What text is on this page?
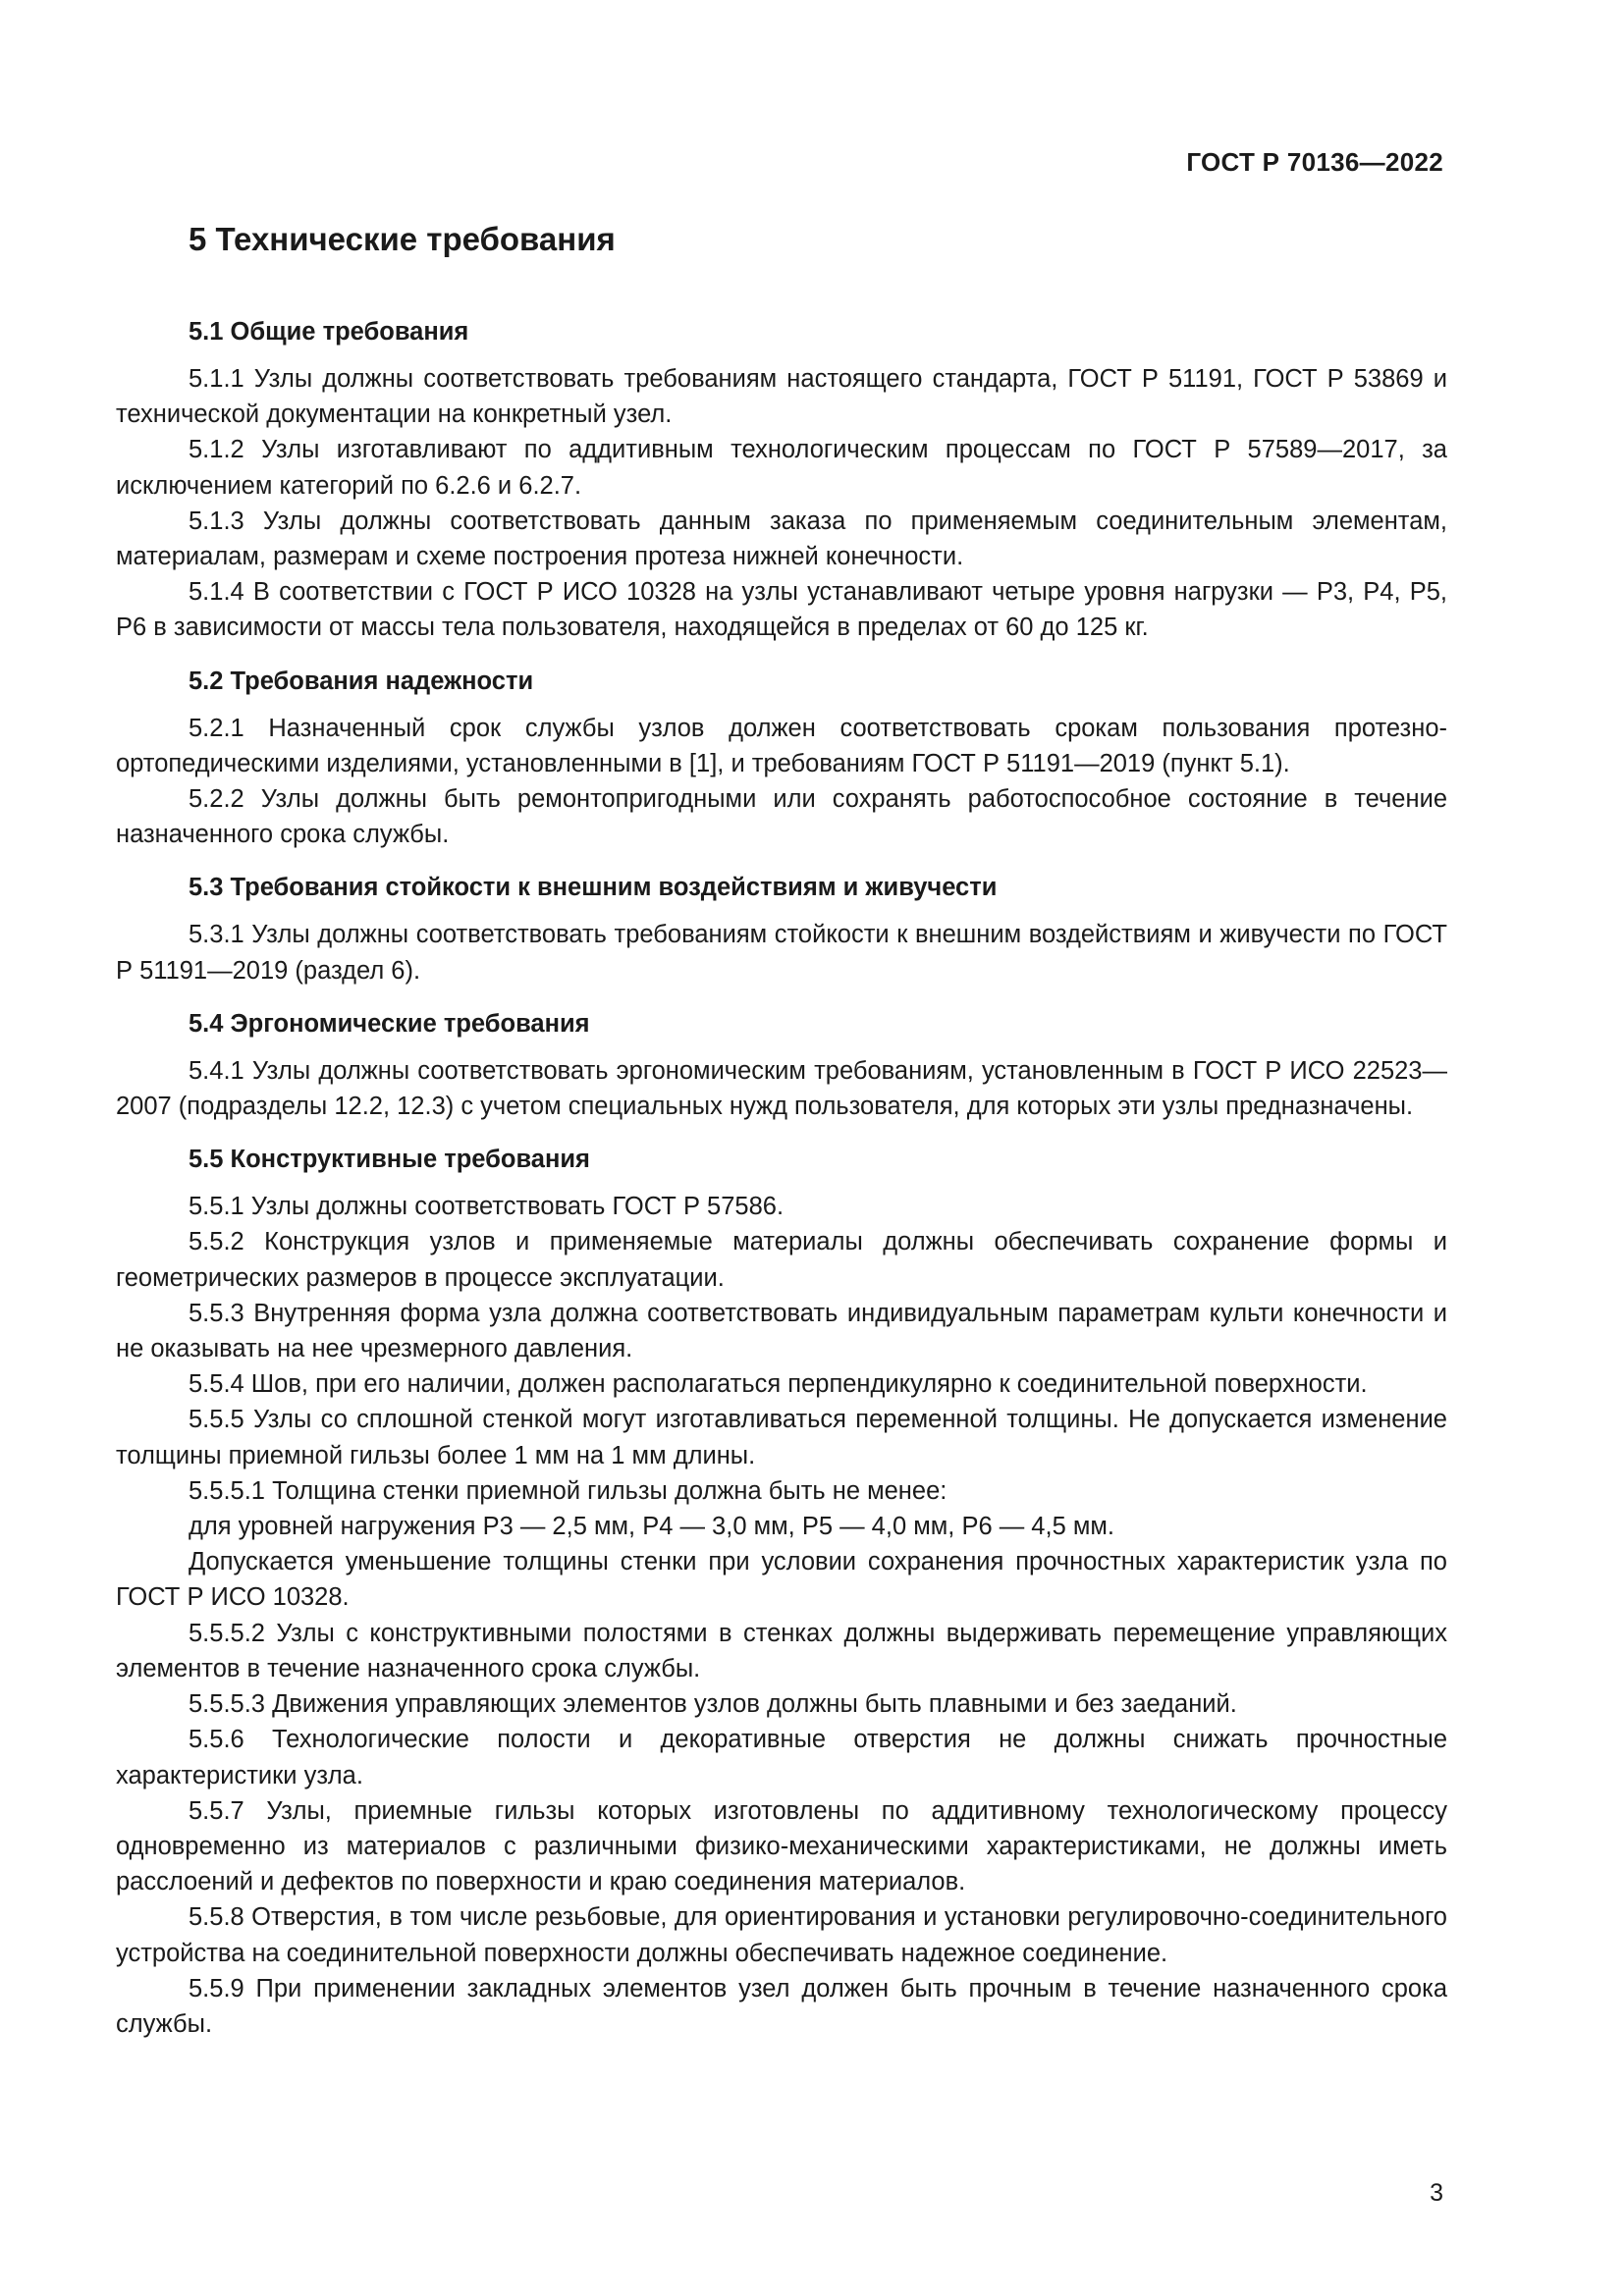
ГОСТ Р 70136—2022
5 Технические требования
5.1 Общие требования

5.1.1 Узлы должны соответствовать требованиям настоящего стандарта, ГОСТ Р 51191, ГОСТ Р 53869 и технической документации на конкретный узел.

5.1.2 Узлы изготавливают по аддитивным технологическим процессам по ГОСТ Р 57589—2017, за исключением категорий по 6.2.6 и 6.2.7.

5.1.3 Узлы должны соответствовать данным заказа по применяемым соединительным элементам, материалам, размерам и схеме построения протеза нижней конечности.

5.1.4 В соответствии с ГОСТ Р ИСО 10328 на узлы устанавливают четыре уровня нагрузки — Р3, Р4, Р5, Р6 в зависимости от массы тела пользователя, находящейся в пределах от 60 до 125 кг.

5.2 Требования надежности

5.2.1 Назначенный срок службы узлов должен соответствовать срокам пользования протезно-ортопедическими изделиями, установленными в [1], и требованиям ГОСТ Р 51191—2019 (пункт 5.1).

5.2.2 Узлы должны быть ремонтопригодными или сохранять работоспособное состояние в течение назначенного срока службы.

5.3 Требования стойкости к внешним воздействиям и живучести

5.3.1 Узлы должны соответствовать требованиям стойкости к внешним воздействиям и живучести по ГОСТ Р 51191—2019 (раздел 6).

5.4 Эргономические требования

5.4.1 Узлы должны соответствовать эргономическим требованиям, установленным в ГОСТ Р ИСО 22523—2007 (подразделы 12.2, 12.3) с учетом специальных нужд пользователя, для которых эти узлы предназначены.

5.5 Конструктивные требования

5.5.1 Узлы должны соответствовать ГОСТ Р 57586.

5.5.2 Конструкция узлов и применяемые материалы должны обеспечивать сохранение формы и геометрических размеров в процессе эксплуатации.

5.5.3 Внутренняя форма узла должна соответствовать индивидуальным параметрам культи конечности и не оказывать на нее чрезмерного давления.

5.5.4 Шов, при его наличии, должен располагаться перпендикулярно к соединительной поверхности.

5.5.5 Узлы со сплошной стенкой могут изготавливаться переменной толщины. Не допускается изменение толщины приемной гильзы более 1 мм на 1 мм длины.

5.5.5.1 Толщина стенки приемной гильзы должна быть не менее:

для уровней нагружения Р3 — 2,5 мм, Р4 — 3,0 мм, Р5 — 4,0 мм, Р6 — 4,5 мм.

Допускается уменьшение толщины стенки при условии сохранения прочностных характеристик узла по ГОСТ Р ИСО 10328.

5.5.5.2 Узлы с конструктивными полостями в стенках должны выдерживать перемещение управляющих элементов в течение назначенного срока службы.

5.5.5.3 Движения управляющих элементов узлов должны быть плавными и без заеданий.

5.5.6 Технологические полости и декоративные отверстия не должны снижать прочностные характеристики узла.

5.5.7 Узлы, приемные гильзы которых изготовлены по аддитивному технологическому процессу одновременно из материалов с различными физико-механическими характеристиками, не должны иметь расслоений и дефектов по поверхности и краю соединения материалов.

5.5.8 Отверстия, в том числе резьбовые, для ориентирования и установки регулировочно-соединительного устройства на соединительной поверхности должны обеспечивать надежное соединение.

5.5.9 При применении закладных элементов узел должен быть прочным в течение назначенного срока службы.

3
